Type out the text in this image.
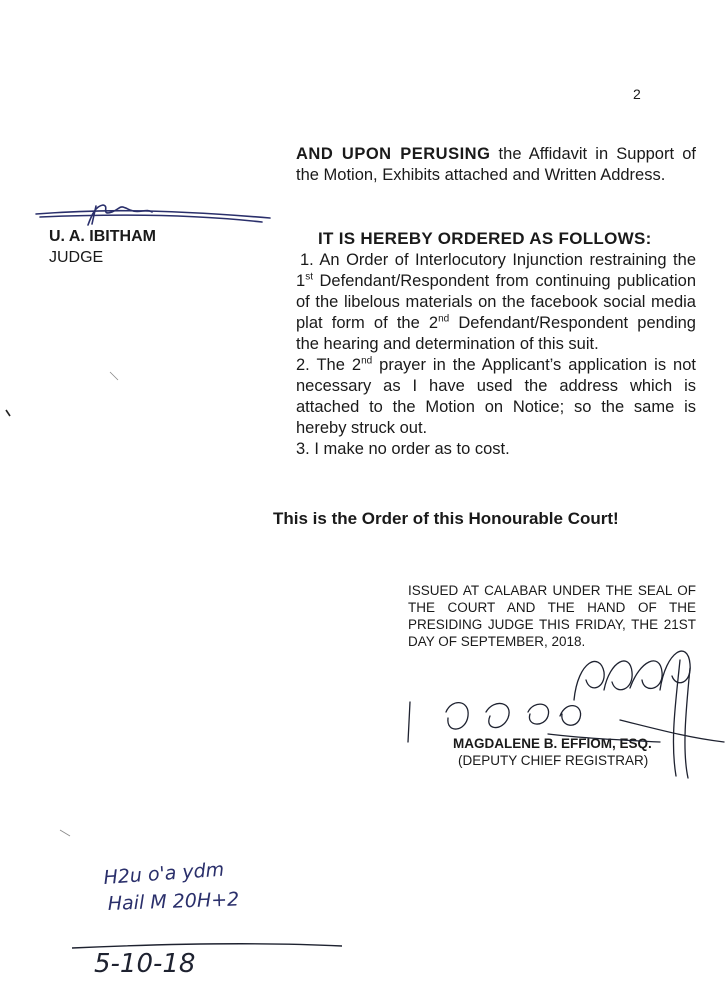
2
AND UPON PERUSING the Affidavit in Support of the Motion, Exhibits attached and Written Address.
U. A. IBITHAM
JUDGE
IT IS HEREBY ORDERED AS FOLLOWS:
1. An Order of Interlocutory Injunction restraining the 1st Defendant/Respondent from continuing publication of the libelous materials on the facebook social media plat form of the 2nd Defendant/Respondent pending the hearing and determination of this suit.
2. The 2nd prayer in the Applicant’s application is not necessary as I have used the address which is attached to the Motion on Notice; so the same is hereby struck out.
3. I make no order as to cost.
This is the Order of this Honourable Court!
ISSUED AT CALABAR UNDER THE SEAL OF THE COURT AND THE HAND OF THE PRESIDING JUDGE THIS FRIDAY, THE 21ST DAY OF SEPTEMBER, 2018.
MAGDALENE B. EFFIOM, ESQ.
(DEPUTY CHIEF REGISTRAR)
H2u o'a ydm
Hail M 20H+2
5-10-18
